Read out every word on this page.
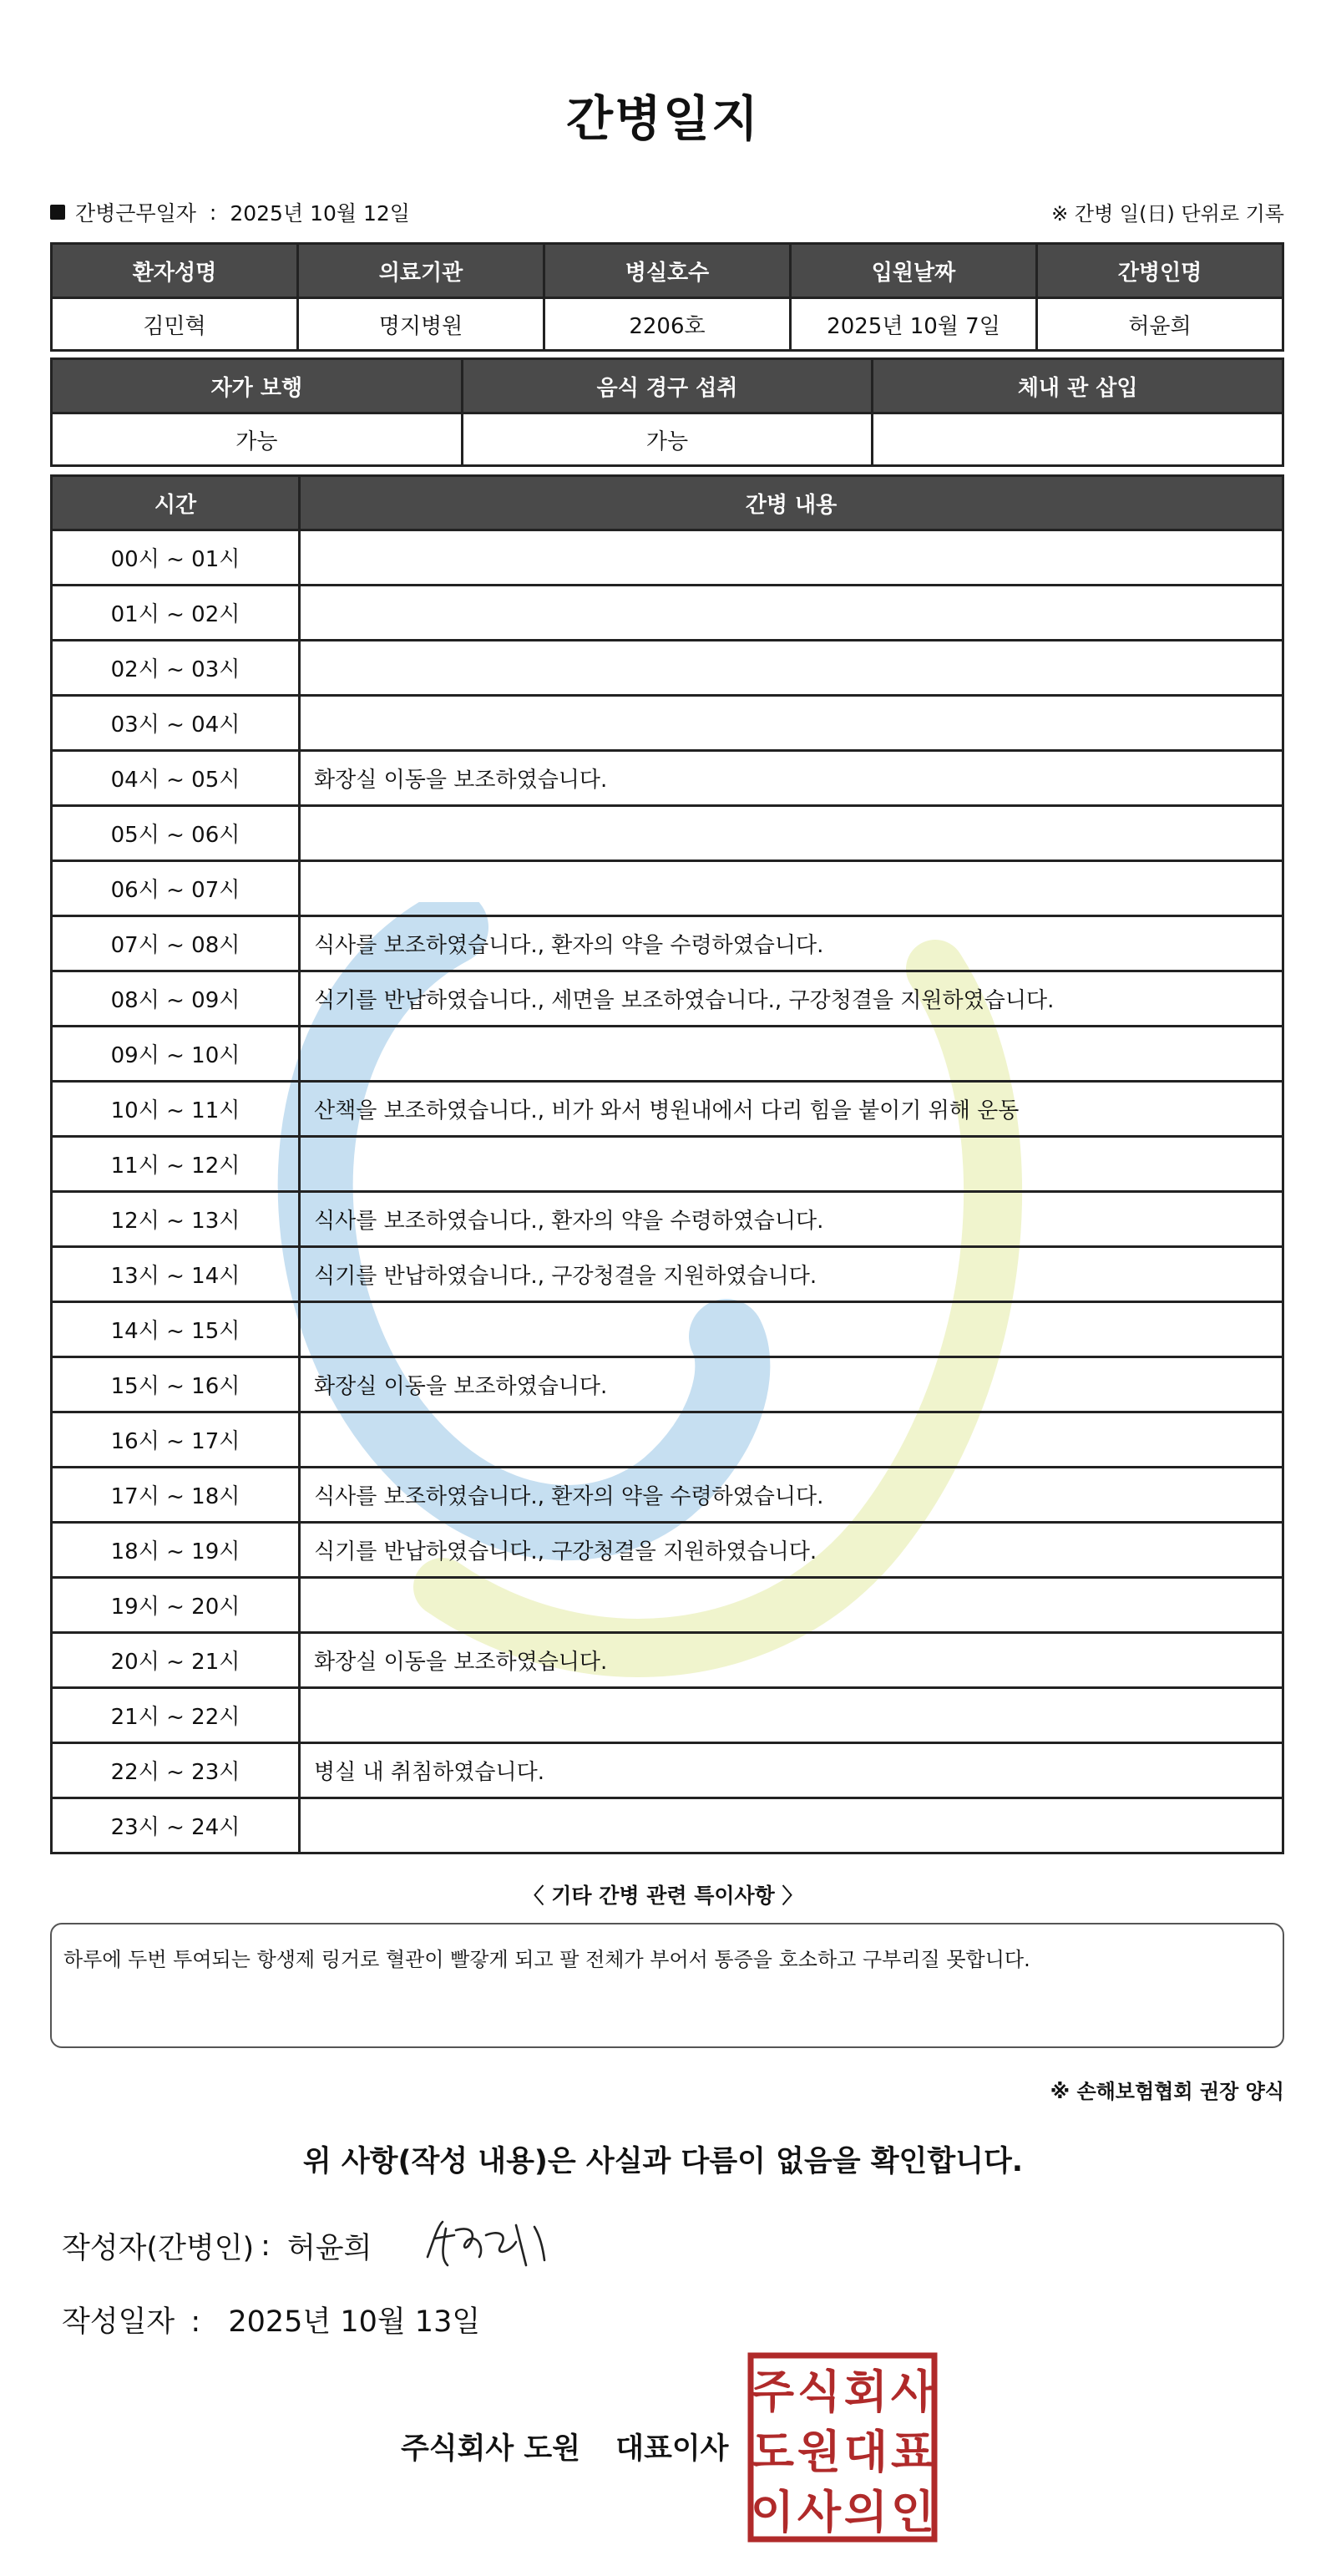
간병일지
간병근무일자 : 2025년 10월 12일	※ 간병 일(日) 단위로 기록
환자성명	의료기관	병실호수	입원날짜	간병인명
김민혁	명지병원	2206호	2025년 10월 7일	허윤희
자가 보행	음식 경구 섭취	체내 관 삽입
가능	가능	
시간	간병 내용
00시 ~ 01시	
01시 ~ 02시	
02시 ~ 03시	
03시 ~ 04시	
04시 ~ 05시	화장실 이동을 보조하였습니다.
05시 ~ 06시	
06시 ~ 07시	
07시 ~ 08시	식사를 보조하였습니다., 환자의 약을 수령하였습니다.
08시 ~ 09시	식기를 반납하였습니다., 세면을 보조하였습니다., 구강청결을 지원하였습니다.
09시 ~ 10시	
10시 ~ 11시	산책을 보조하였습니다., 비가 와서 병원내에서 다리 힘을 붙이기 위해 운동
11시 ~ 12시	
12시 ~ 13시	식사를 보조하였습니다., 환자의 약을 수령하였습니다.
13시 ~ 14시	식기를 반납하였습니다., 구강청결을 지원하였습니다.
14시 ~ 15시	
15시 ~ 16시	화장실 이동을 보조하였습니다.
16시 ~ 17시	
17시 ~ 18시	식사를 보조하였습니다., 환자의 약을 수령하였습니다.
18시 ~ 19시	식기를 반납하였습니다., 구강청결을 지원하였습니다.
19시 ~ 20시	
20시 ~ 21시	화장실 이동을 보조하였습니다.
21시 ~ 22시	
22시 ~ 23시	병실 내 취침하였습니다.
23시 ~ 24시	
〈 기타 간병 관련 특이사항 〉
하루에 두번 투여되는 항생제 링거로 혈관이 빨갛게 되고 팔 전체가 부어서 통증을 호소하고 구부리질 못합니다.
※ 손해보험협회 권장 양식
위 사항(작성 내용)은 사실과 다름이 없음을 확인합니다.
작성자(간병인) : 허윤희
작성일자 : 2025년 10월 13일
주식회사 도원 대표이사
주 식 회 사
도 원 대 표
이 사 의 인
